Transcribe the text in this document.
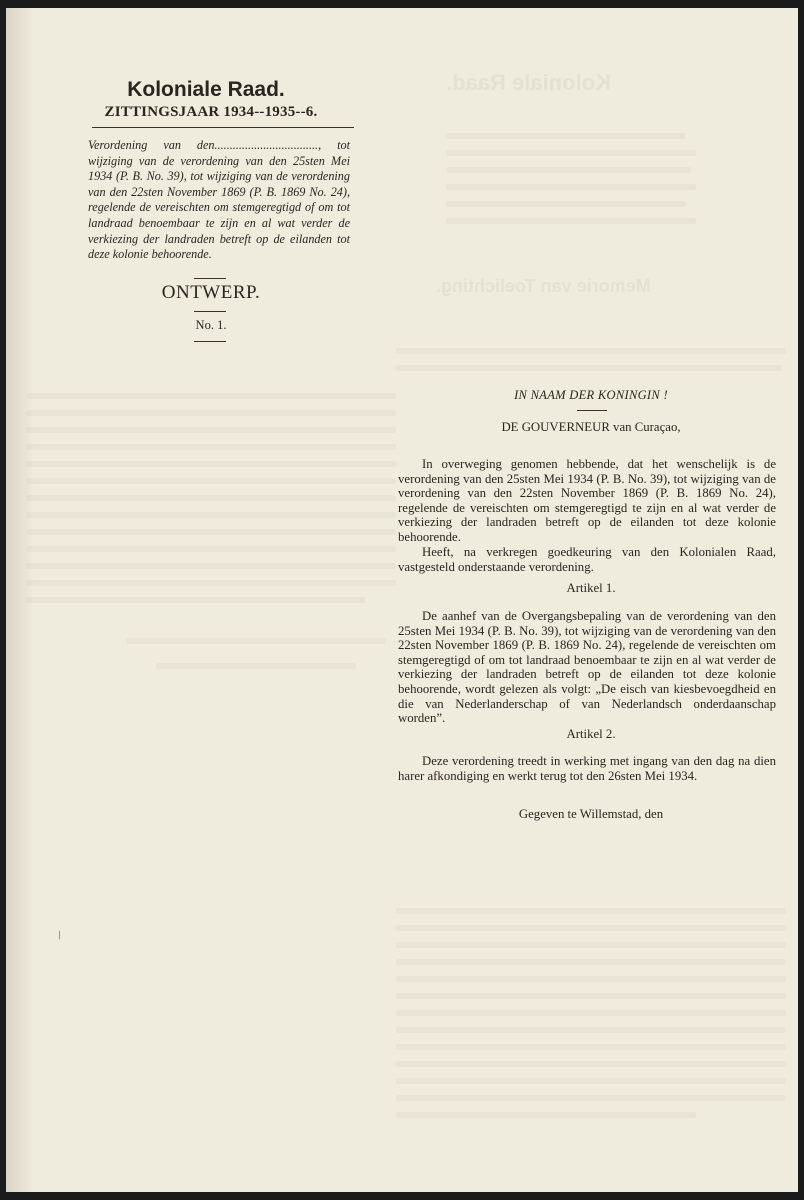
Koloniale Raad.
Memorie van Toelichting.
Koloniale Raad.
ZITTINGSJAAR 1934--1935--6.
Verordening van den.................................., tot wijziging van de verordening van den 25sten Mei 1934 (P. B. No. 39), tot wijziging van de verordening van den 22sten November 1869 (P. B. 1869 No. 24), regelende de vereischten om stemgeregtigd of om tot landraad benoembaar te zijn en al wat verder de verkiezing der landraden betreft op de eilanden tot deze kolonie behoorende.
ONTWERP.
No. 1.
IN NAAM DER KONINGIN !
DE GOUVERNEUR van Curaçao,
In overweging genomen hebbende, dat het wenschelijk is de verordening van den 25sten Mei 1934 (P. B. No. 39), tot wijziging van de verordening van den 22sten November 1869 (P. B. 1869 No. 24), regelende de vereischten om stemgeregtigd te zijn en al wat verder de verkiezing der landraden betreft op de eilanden tot deze kolonie behoorende.
Heeft, na verkregen goedkeuring van den Kolonialen Raad, vastgesteld onderstaande verordening.
Artikel 1.
De aanhef van de Overgangsbepaling van de verordening van den 25sten Mei 1934 (P. B. No. 39), tot wijziging van de verordening van den 22sten November 1869 (P. B. 1869 No. 24), regelende de vereischten om stemgeregtigd of om tot landraad benoembaar te zijn en al wat verder de verkiezing der landraden betreft op de eilanden tot deze kolonie behoorende, wordt gelezen als volgt: „De eisch van kiesbevoegdheid en die van Nederlanderschap of van Nederlandsch onderdaanschap worden”.
Artikel 2.
Deze verordening treedt in werking met ingang van den dag na dien harer afkondiging en werkt terug tot den 26sten Mei 1934.
Gegeven te Willemstad, den
/
